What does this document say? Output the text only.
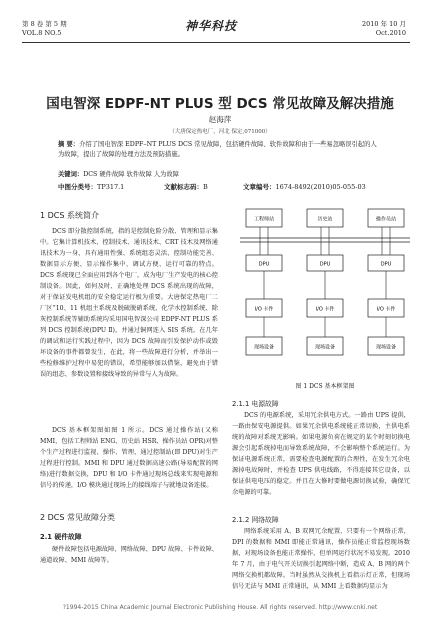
第 8 卷 第 5 期
VOL.8 NO.5	神华科技	2010 年 10 月
Oct.2010
国电智深 EDPF-NT PLUS 型 DCS 常见故障及解决措施
赵海萍
（大唐保定热电厂，河北 保定,071000）
摘 要：介绍了国电智深 EDPF–NT PLUS DCS 常见故障，包括硬件故障、软件故障和由于一些易忽略误引起的人为故障，提出了故障的处理方法及预防措施。
关键词：DCS 硬件故障 软件故障 人为故障
中图分类号：TP317.1	文献标志码：B	文章编号：1674-8492(2010)05-055-03
1 DCS 系统简介
DCS 即分散控制系统，指的是控制危险分散、管理和显示集中。它集计算机技术、控制技术、通讯技术、CRT 技术及网络通讯技术为一身，具有通用性强、系统组态灵活、控制功能完善、数据显示方便、显示操作集中、调试方便、运行可靠的特点。DCS 系统现已全面应用到各个电厂，成为电厂生产发电的核心控制设备。因此，如何及时、正确地处理 DCS 系统出现的故障，对于保证发电机组的安全稳定运行极为重要。大唐保定热电厂二厂区“10、11 机组主系统及脱硫脱硝系统、化学水控制系统、除灰控制系统等辅助系统均采用国电智深公司 EDPF-NT PLUS 系列 DCS 控制系统(DPU Ⅱ)，并通过铜网连入 SIS 系统。在几年的调试和运行实践过程中，因为 DCS 故障而引发保护动作或毁坏设备的事件都曾发生，在此，将一些故障进行分析，并举出一些检修维护过程中易犯的错误，希望能够加以借鉴，避免由于错误的组态、参数设置和接线导致的异常与人为故障。
DCS 基本框架图如图 1 所示。DCS 通过操作站(又称 MMI，包括工程师站 ENG、历史站 HSR、操作员站 OPR)对整个生产过程进行监视、操作、管理，通过控制站(即 DPU)对生产过程进行控制。MMI 和 DPU 通过数据高速公路(导易配置的网络)进行数据交换，DPU 和 I/O 卡件通过现场总线来实现电源和信号的传递，I/O 模块通过现场上的接线端子与就地设备连接。
2 DCS 常见故障分类
2.1 硬件故障
硬件故障包括电源故障、网络故障、DPU 故障、卡件故障、通道故障、MMI 故障等。
工程师站	历史站	操作员站
DPU	DPU	DPU
I/O 卡件	I/O 卡件	I/O 卡件
现场设备	现场设备	现场设备
图 1 DCS 基本框架图
2.1.1 电源故障
DCS 的电源系统，采用冗余供电方式。一路由 UPS 提供，一路由保安电源提供。如果冗余供电系统能正常切换，主供电系统的故障对系统无影响。如果电源负荷在规定的某个时刻切换电源会引起系统掉电而导致系统故障，不会影响整个系统运行。为保证电源系统正常，需要检查电源配置的合理性，在发生冗余电源掉电故障时，并检查 UPS 供电线路，不得连接其它设备，以保证供电电压的稳定。并且在大修时要做电源切换试验，确保冗余电源的可靠。
2.1.2 网络故障
网络系统采用 A、B 双网冗余配置，只要有一个网络正常，DPI 的数据和 MMI 即能正常通讯，操作员能正常监控现场数据，对现场设备也能正常操作，但单网运行状况不易发现。2010 年 7 月，由于电气开关切换引起网络中断，造成 A、B 网的两个网络交换机都故障。当时虽然从交换机上看指示灯正常，但现场信号无法与 MMI 正常通讯，从 MMI 上看数据均显示为
?1994-2015 China Academic Journal Electronic Publishing House. All rights reserved. http://www.cnki.net
